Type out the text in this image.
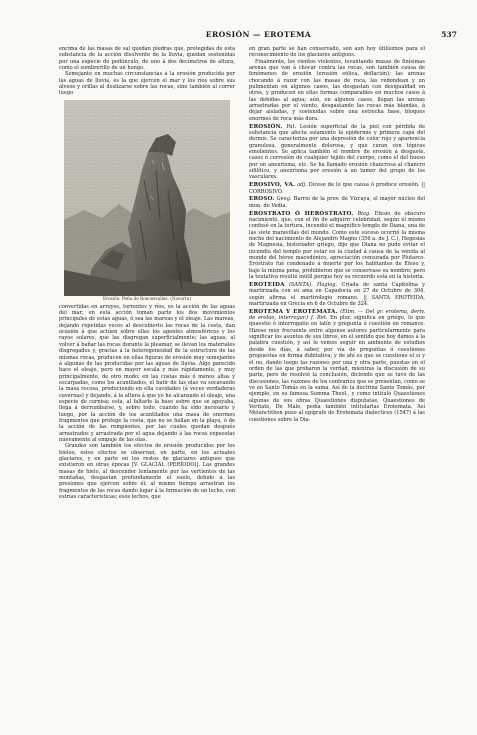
EROSIÓN — EROTEMA	537

encima de las masas de sal quedan piedras que, protegidas de esta substancia de la acción disolvente de la lluvia, quedan sostenidas por una especie de pedúnculo, de uno á dos decímetros de altura, como el sombrerillo de un hongo.

Semejante en muchas circunstancias á la erosión producida por las aguas de lluvia, es la que ejercen el mar y los ríos sobre sus álveos y orillas al deslizarse sobre las rocas, sino también al correr luego

Erosión. Peña de Roncesvalles. (Navarra)

convertidas en arroyos, torrentes y ríos, es la acción de las aguas del mar; en esta acción toman parte los dos movimientos principales de estas aguas, ó sea las mareas y el oleaje. Las mareas, dejando repetidas veces al descubierto las rocas de la costa, dan ocasión á que actúen sobre ellas los agentes atmosféricos y los rayos solares, que las disgregan superficialmente; las aguas, al volver á bañar las rocas durante la pleamar, se llevan los materiales disgregados y, gracias á la heterogeneidad de la estructura de las mismas rocas, producen en ellas figuras de erosión muy semejantes á algunas de las producidas por las aguas de lluvia. Algo parecido hace el oleaje, pero en mayor escala y más rápidamente, y muy principalmente, de otro modo; en las costas más ó menos altas y escarpadas, como los acantilados, el batir de las olas va socavando la masa rocosa, produciendo en ella cavidades (á veces verdaderas cavernas) y dejando, á la altura á que yo he alcanzado el oleaje, una especie de cornisa; esta, al faltarle la base sobre que se apoyaba, llega á derrumbarse, y, sobre todo, cuando ha sido necesario y luego, por la acción de los acantilados una masa de enormes fragmentos que protege la costa, que no se hallan en la playa, ó de la acción de las rompientes, por las cuales quedan después arrastrados y arrastrada por el agua dejando á las rocas expuestas nuevamente al empuje de las olas.

Grandes son también los efectos de erosión producidos por los hielos; estos efectos se observan, en parte, en los actuales glaciares, y en parte en los restos de glaciares antiguos que existieron en otras épocas [V. GLACIAL (PERÍODO)]. Las grandes masas de hielo, al descender lentamente por las vertientes de las montañas, desgastan profundamente el suelo, debido á las presiones que ejercen sobre él; al mismo tiempo arrastran los fragmentos de las rocas dando lugar á la formación de un lecho, con estrías características; esos lechos, que

en gran parte se han conservado, son aun hoy útilísimos para el reconocimiento de los glaciares antiguos.

Finalmente, los vientos violentos, levantando masas de finísimas arenas que van á chocar contra las rocas, son también causa de fenómenos de erosión (erosión eólica, deflación); las arenas chocando á razor con las masas de roca, las redondean y un pulimentan en algunos casos, las desgastan con desigualdad en otros, y producen en ellas formas comparables en muchos casos á las debidas al agua; aún, en algunos casos, llegan las arenas arrastradas por el viento, desgastando las rocas más blandas, á dejar aisladas, y sostenidas sobre una estrecha base, bloques enormes de roca más dura.

EROSIÓN. Pat. Lesión superficial de la piel con pérdida de substancia que afecta solamente la epidermis y primera capa del dermis. Se caracteriza por una depresión de color rojo y apariencia granulosa, generalmente dolorosa, y que curan con tópicos emolientes. Se aplica también el nombre de erosión á desgaste, casos ó corrosión de cualquier tejido del cuerpo, como el del hueso por un aneurisma, etc. Se ha llamado erosión chancrosa al chancro sifilítico, y aneurisma por erosión á un tumor del grupo de los vasculares.

EROSIVO, VA. adj. Dícese de lo que causa ó produce erosión. || CORROSIVO.

EROSO. Geog. Barrio de la prov. de Vizcaya, el mayor núcleo del mun. de Vedia.

EROSTRATO Ó HERÓSTRATO. Biog. Efesio de obscuro nacimiento, que, con el fin de adquirir celebridad, según él mismo confesó en la tortura, incendió el magnífico templo de Diana, una de las siete maravillas del mundo. Como este suceso ocurrió la misma noche del nacimiento de Alejandro Magno (356 a. de J. C.), Hegesias de Magnesia, historiador griego, dijo que Diana no pudo evitar el incendio del templo por estar en la ciudad á causa de la venida al mundo del héroe macedónico, apreciación censurada por Plutarco. Eróstrato fué condenado á muerte por los habitantes de Efeso y, bajo la misma pena, prohibieron que se conservase su nombre; pero la tentativa resultó inútil porque hoy su recuerdo está en la historia.

EROTEIDA (SANTA). Hagiog. Criada de santa Capitolina y martirizada con su ama en Capadocia en 27 de Octubre de 304, según afirma el martirologio romano. || SANTA EROTEIDA, martirizada en Grecia en 6 de Octubre de 324.

EROTEMA Y EROTÉMATA. (Etim. — Del gr. erotema, deriv. de erotao, interrogar.) f. Ret. En plur. significa en griego, lo que quaestio ó interrogatio en latín y pregunta ó cuestión en romance. Hizose muy frecuente entre algunos autores particularmente para significar los asuntos de sus libros, en el sentido que hoy damos á la palabra cuestión, y así lo vemos seguir en ambiente de estudios desde los días, á saber, por vía de preguntas ó cuestiones propuestas en forma dubitativa; y de ahí es que se cuestione el sí y el no, dando luego las razones por una y otra parte, puestas en el orden de las que probaron la verdad, mientras la discusión de su parte, pero de resolvió la conclusión, diciendo que se tuvo de las discusiones, las razones de los contrarios que se presentan, como se ve en Santo Tomás en la suma. Así de la doctrina Santo Tomás, por ejemplo, en su famosa Summa Theol., y como intituló Quaestiones algunas de sus obras Quaestiones disputatae, Quaestiones de Veritate, De Malo, pedía también intitularlas Erotemata. Así Melanchthon puso al epígrafe de Erotemata dialectices (1547) á las cuestiones sobre la Dia-
